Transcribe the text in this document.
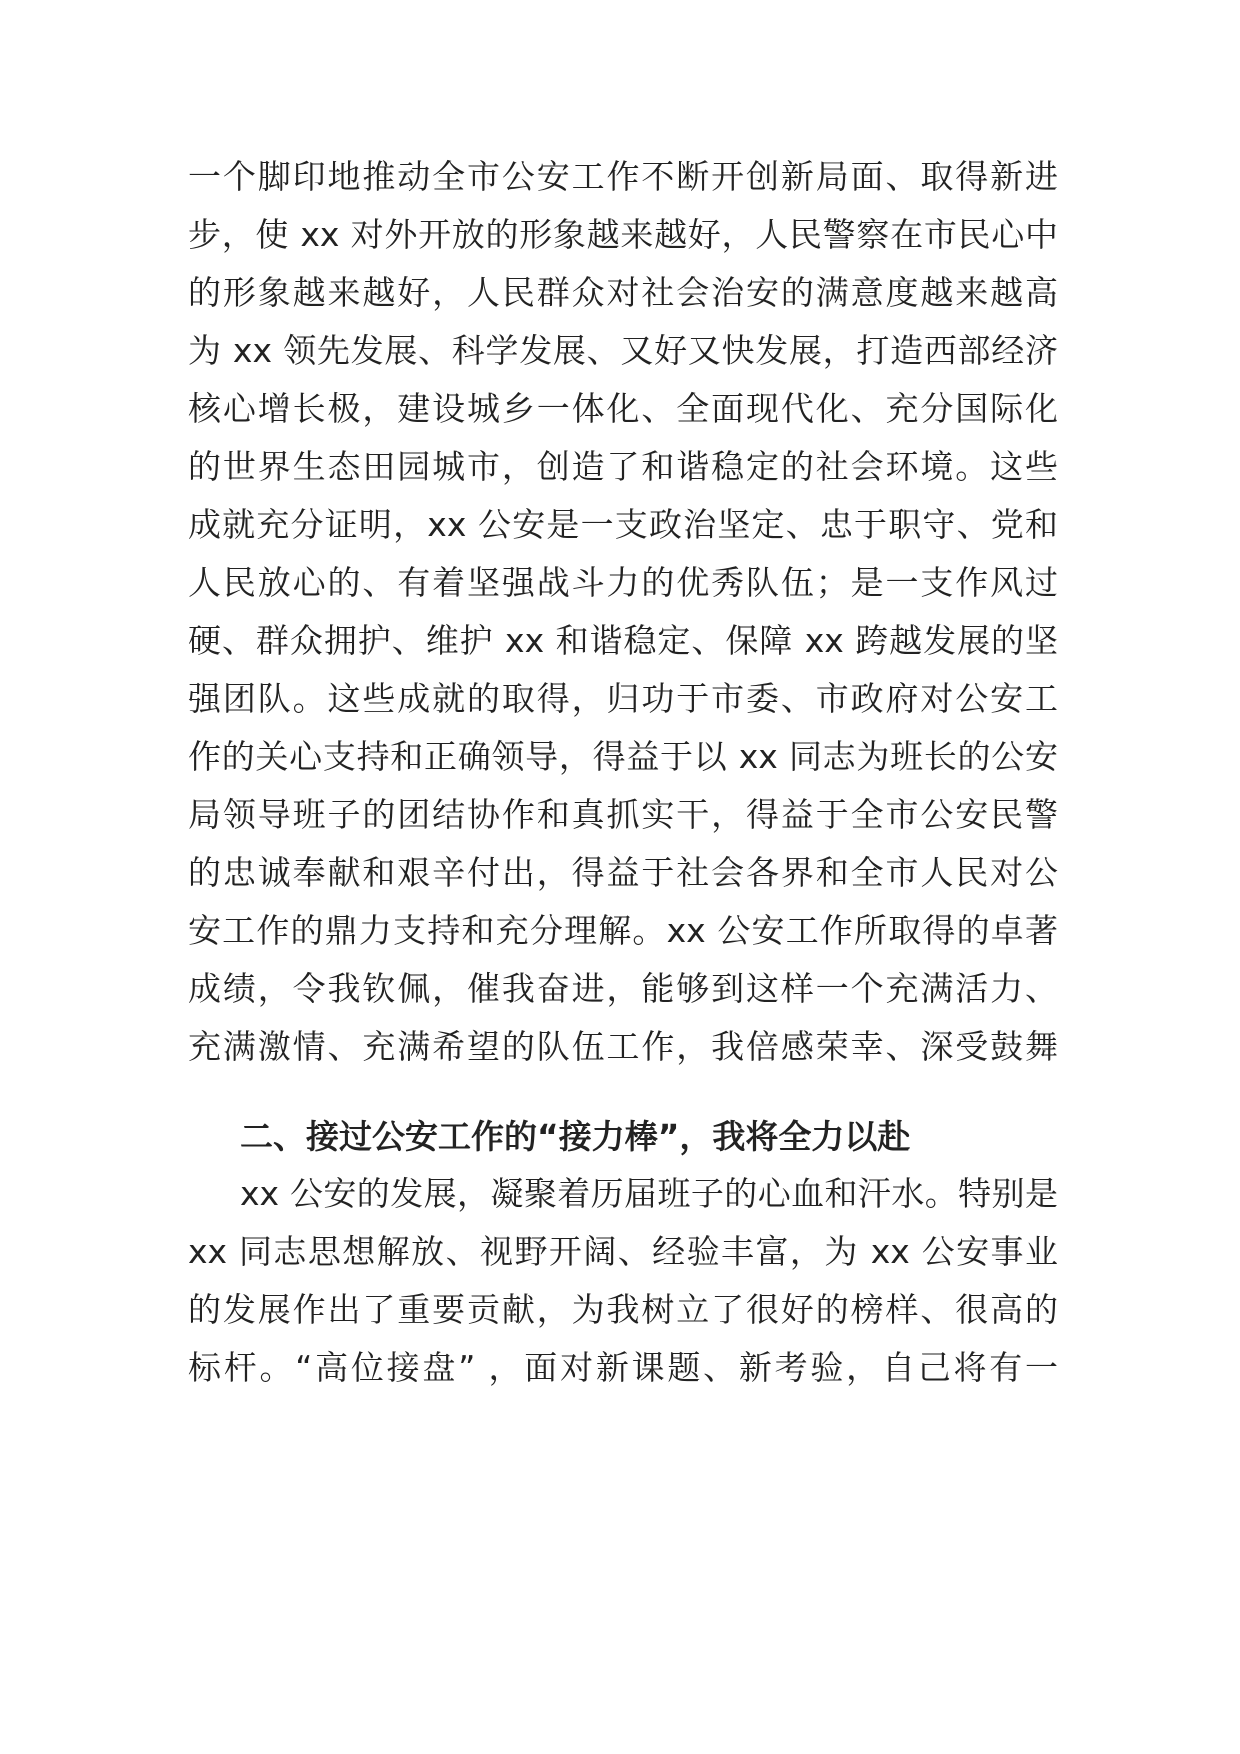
一个脚印地推动全市公安工作不断开创新局面、取得新进
步，使 xx 对外开放的形象越来越好，人民警察在市民心中
的形象越来越好，人民群众对社会治安的满意度越来越高
为 xx 领先发展、科学发展、又好又快发展，打造西部经济
核心增长极，建设城乡一体化、全面现代化、充分国际化
的世界生态田园城市，创造了和谐稳定的社会环境。这些
成就充分证明，xx 公安是一支政治坚定、忠于职守、党和
人民放心的、有着坚强战斗力的优秀队伍；是一支作风过
硬、群众拥护、维护 xx 和谐稳定、保障 xx 跨越发展的坚
强团队。这些成就的取得，归功于市委、市政府对公安工
作的关心支持和正确领导，得益于以 xx 同志为班长的公安
局领导班子的团结协作和真抓实干，得益于全市公安民警
的忠诚奉献和艰辛付出，得益于社会各界和全市人民对公
安工作的鼎力支持和充分理解。xx 公安工作所取得的卓著
成绩，令我钦佩，催我奋进，能够到这样一个充满活力、
充满激情、充满希望的队伍工作，我倍感荣幸、深受鼓舞
二、接过公安工作的“接力棒”，我将全力以赴
xx 公安的发展，凝聚着历届班子的心血和汗水。特别是
xx 同志思想解放、视野开阔、经验丰富，为 xx 公安事业
的发展作出了重要贡献，为我树立了很好的榜样、很高的
标杆。“高位接盘” ，面对新课题、新考验，自己将有一
